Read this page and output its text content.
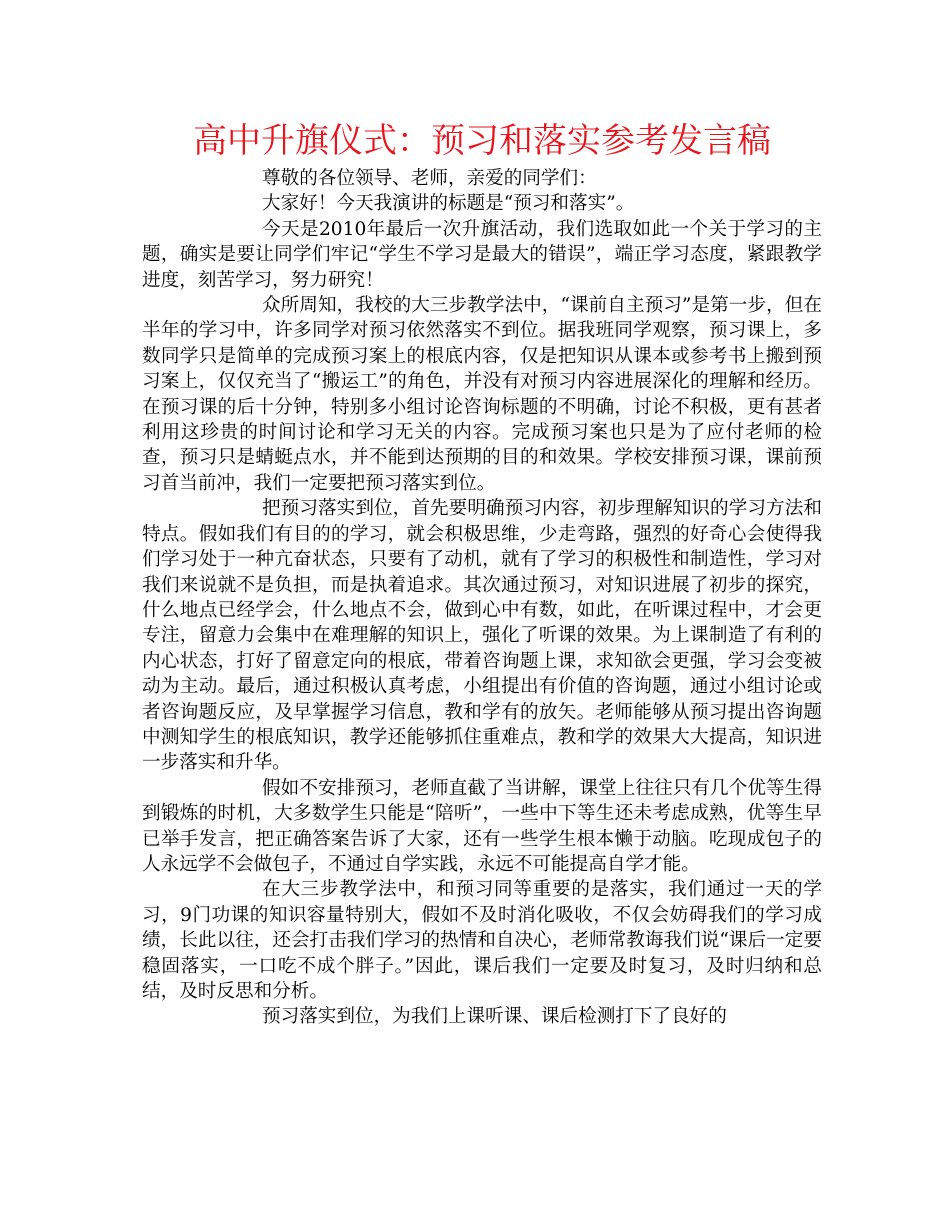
高中升旗仪式：预习和落实参考发言稿

尊敬的各位领导、老师，亲爱的同学们：

大家好！今天我演讲的标题是“预习和落实”。

今天是2010年最后一次升旗活动，我们选取如此一个关于学习的主题，确实是要让同学们牢记“学生不学习是最大的错误”，端正学习态度，紧跟教学进度，刻苦学习，努力研究！

众所周知，我校的大三步教学法中，“课前自主预习”是第一步，但在半年的学习中，许多同学对预习依然落实不到位。据我班同学观察，预习课上，多数同学只是简单的完成预习案上的根底内容，仅是把知识从课本或参考书上搬到预习案上，仅仅充当了“搬运工”的角色，并没有对预习内容进展深化的理解和经历。在预习课的后十分钟，特别多小组讨论咨询标题的不明确，讨论不积极，更有甚者利用这珍贵的时间讨论和学习无关的内容。完成预习案也只是为了应付老师的检查，预习只是蜻蜓点水，并不能到达预期的目的和效果。学校安排预习课，课前预习首当前冲，我们一定要把预习落实到位。

把预习落实到位，首先要明确预习内容，初步理解知识的学习方法和特点。假如我们有目的的学习，就会积极思维，少走弯路，强烈的好奇心会使得我们学习处于一种亢奋状态，只要有了动机，就有了学习的积极性和制造性，学习对我们来说就不是负担，而是执着追求。其次通过预习，对知识进展了初步的探究，什么地点已经学会，什么地点不会，做到心中有数，如此，在听课过程中，才会更专注，留意力会集中在难理解的知识上，强化了听课的效果。为上课制造了有利的内心状态，打好了留意定向的根底，带着咨询题上课，求知欲会更强，学习会变被动为主动。最后，通过积极认真考虑，小组提出有价值的咨询题，通过小组讨论或者咨询题反应，及早掌握学习信息，教和学有的放矢。老师能够从预习提出咨询题中测知学生的根底知识，教学还能够抓住重难点，教和学的效果大大提高，知识进一步落实和升华。

假如不安排预习，老师直截了当讲解，课堂上往往只有几个优等生得到锻炼的时机，大多数学生只能是“陪听”，一些中下等生还未考虑成熟，优等生早已举手发言，把正确答案告诉了大家，还有一些学生根本懒于动脑。吃现成包子的人永远学不会做包子，不通过自学实践，永远不可能提高自学才能。

在大三步教学法中，和预习同等重要的是落实，我们通过一天的学习，9门功课的知识容量特别大，假如不及时消化吸收，不仅会妨碍我们的学习成绩，长此以往，还会打击我们学习的热情和自决心，老师常教诲我们说“课后一定要稳固落实，一口吃不成个胖子。”因此，课后我们一定要及时复习，及时归纳和总结，及时反思和分析。

预习落实到位，为我们上课听课、课后检测打下了良好的
